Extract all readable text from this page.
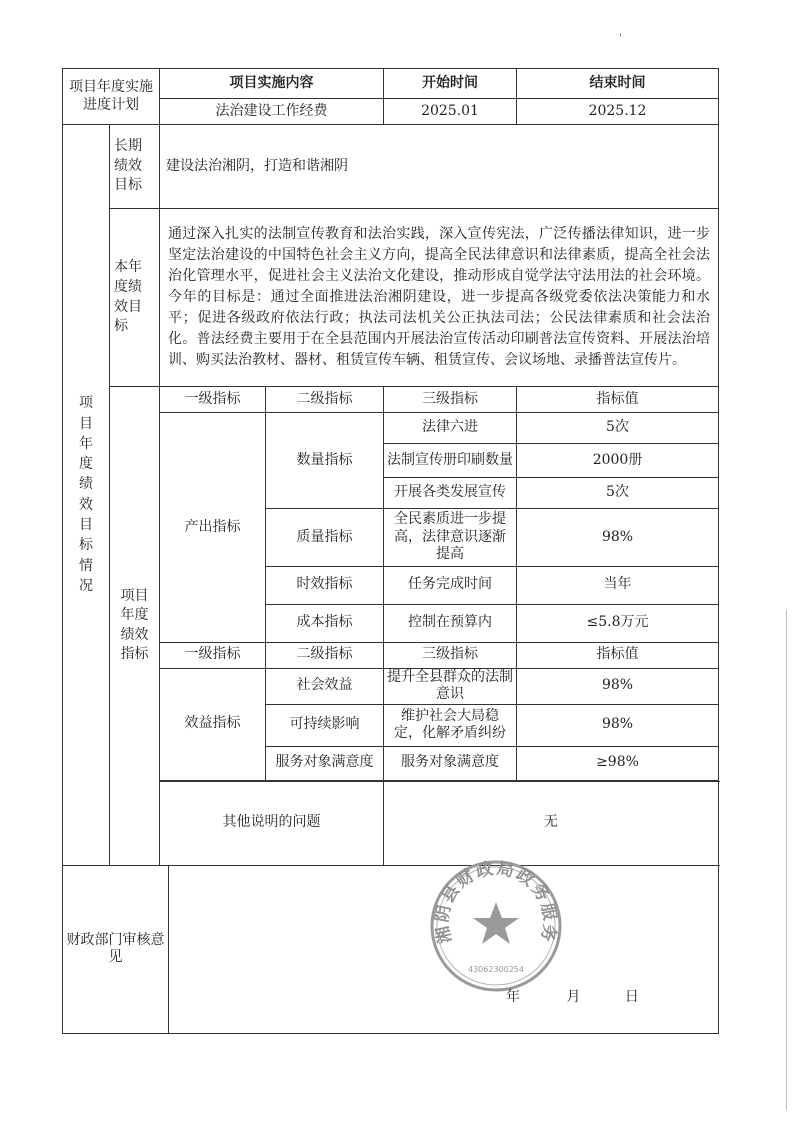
'
项目年度实施进度计划		项目实施内容			开始时间	结束时间
		法治建设工作经费			2025.01	2025.12

项目年度绩效目标情况	长期绩效目标	建设法治湘阴，打造和谐湘阴				
	本年度绩效目标	通过深入扎实的法制宣传教育和法治实践，深入宣传宪法，广泛传播法律知识，进一步坚定法治建设的中国特色社会主义方向，提高全民法律意识和法律素质，提高全社会法治化管理水平，促进社会主义法治文化建设，推动形成自觉学法守法用法的社会环境。今年的目标是：通过全面推进法治湘阴建设，进一步提高各级党委依法决策能力和水平；促进各级政府依法行政；执法司法机关公正执法司法；公民法律素质和社会法治化。普法经费主要用于在全县范围内开展法治宣传活动印刷普法宣传资料、开展法治培训、购买法治教材、器材、租赁宣传车辆、租赁宣传、会议场地、录播普法宣传片。				

	项目年度绩效指标	一级指标		二级指标	三级指标	指标值
		产出指标		数量指标	法律六进	5次
					法制宣传册印刷数量	2000册
					开展各类发展宣传	5次
				质量指标	全民素质进一步提高，法律意识逐渐提高	98%
				时效指标	任务完成时间	当年
				成本指标	控制在预算内	≤5.8万元
		一级指标		二级指标	三级指标	指标值
		效益指标		社会效益	提升全县群众的法制意识	98%
				可持续影响	维护社会大局稳定，化解矛盾纠纷	98%
				服务对象满意度	服务对象满意度	≥98%

		其他说明的问题			无	
财政部门审核意见						
湘阴县财政局政务服务
43062300254
年	月	日
